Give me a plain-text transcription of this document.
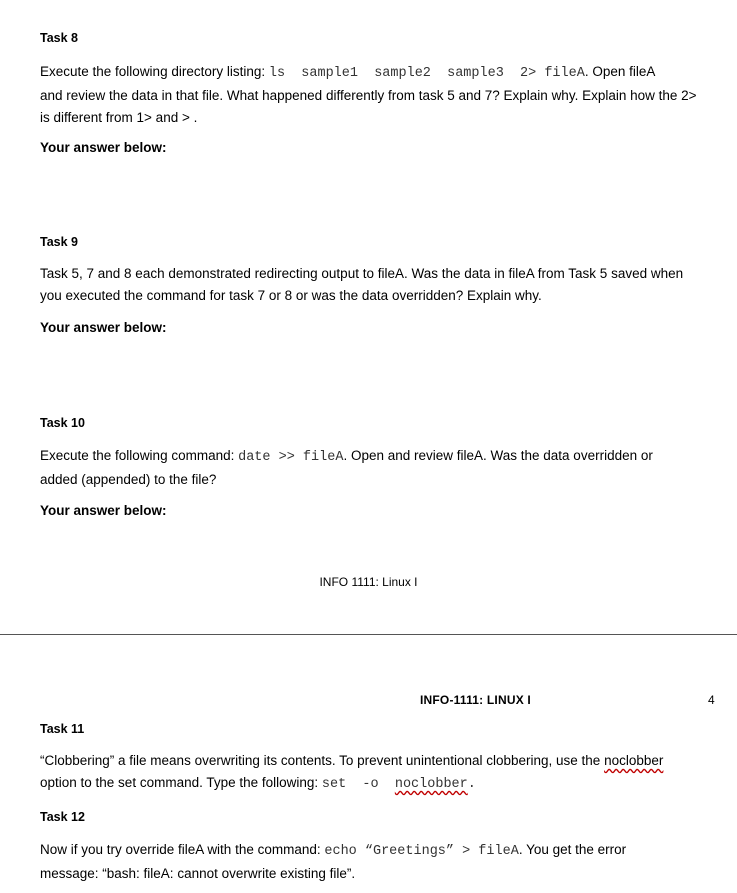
Task 8
Execute the following directory listing: ls  sample1  sample2  sample3  2> fileA. Open fileA
and review the data in that file. What happened differently from task 5 and 7? Explain why. Explain how the 2>
is different from 1> and > .
Your answer below:
Task 9
Task 5, 7 and 8 each demonstrated redirecting output to fileA. Was the data in fileA from Task 5 saved when
you executed the command for task 7 or 8 or was the data overridden? Explain why.
Your answer below:
Task 10
Execute the following command: date >> fileA. Open and review fileA. Was the data overridden or
added (appended) to the file?
Your answer below:
INFO 1111: Linux I
INFO-1111: LINUX I	4
Task 11
“Clobbering” a file means overwriting its contents. To prevent unintentional clobbering, use the noclobber
option to the set command. Type the following: set  -o  noclobber.
Task 12
Now if you try override fileA with the command: echo “Greetings” > fileA. You get the error
message: “bash: fileA: cannot overwrite existing file”.
